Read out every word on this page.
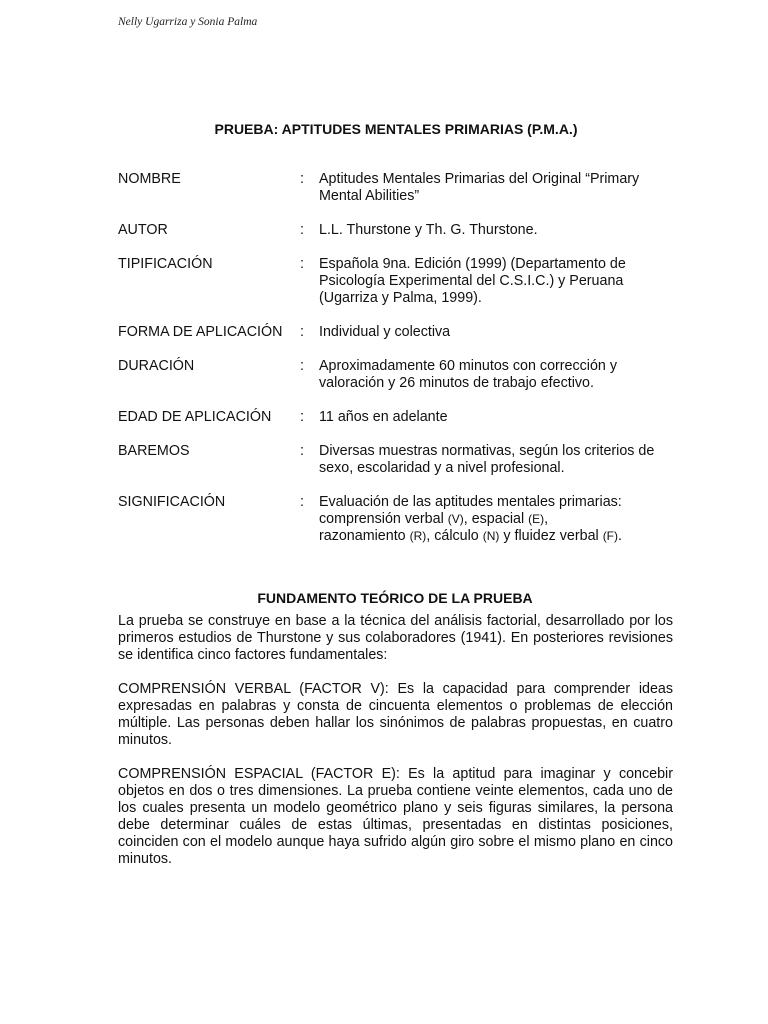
Nelly Ugarriza y Sonia Palma
PRUEBA: APTITUDES MENTALES PRIMARIAS (P.M.A.)
NOMBRE	:	Aptitudes Mentales Primarias del Original “Primary Mental Abilities”
AUTOR	:	L.L. Thurstone y Th. G. Thurstone.
TIPIFICACIÓN	:	Española 9na. Edición (1999) (Departamento de Psicología Experimental del C.S.I.C.) y Peruana (Ugarriza y Palma, 1999).
FORMA DE APLICACIÓN	:	Individual y colectiva
DURACIÓN	:	Aproximadamente 60 minutos con corrección y valoración y 26 minutos de trabajo efectivo.
EDAD DE APLICACIÓN	:	11 años en adelante
BAREMOS	:	Diversas muestras normativas, según los criterios de sexo, escolaridad y a nivel profesional.
SIGNIFICACIÓN	:	Evaluación de las aptitudes mentales primarias:
comprensión verbal (V), espacial (E),
razonamiento (R), cálculo (N) y fluidez verbal (F).
FUNDAMENTO TEÓRICO DE LA PRUEBA

La prueba se construye en base a la técnica del análisis factorial, desarrollado por los primeros estudios de Thurstone y sus colaboradores (1941). En posteriores revisiones se identifica cinco factores fundamentales:

COMPRENSIÓN VERBAL (FACTOR V): Es la capacidad para comprender ideas expresadas en palabras y consta de cincuenta elementos o problemas de elección múltiple. Las personas deben hallar los sinónimos de palabras propuestas, en cuatro minutos.

COMPRENSIÓN ESPACIAL (FACTOR E): Es la aptitud para imaginar y concebir objetos en dos o tres dimensiones. La prueba contiene veinte elementos, cada uno de los cuales presenta un modelo geométrico plano y seis figuras similares, la persona debe determinar cuáles de estas últimas, presentadas en distintas posiciones, coinciden con el modelo aunque haya sufrido algún giro sobre el mismo plano en cinco minutos.
